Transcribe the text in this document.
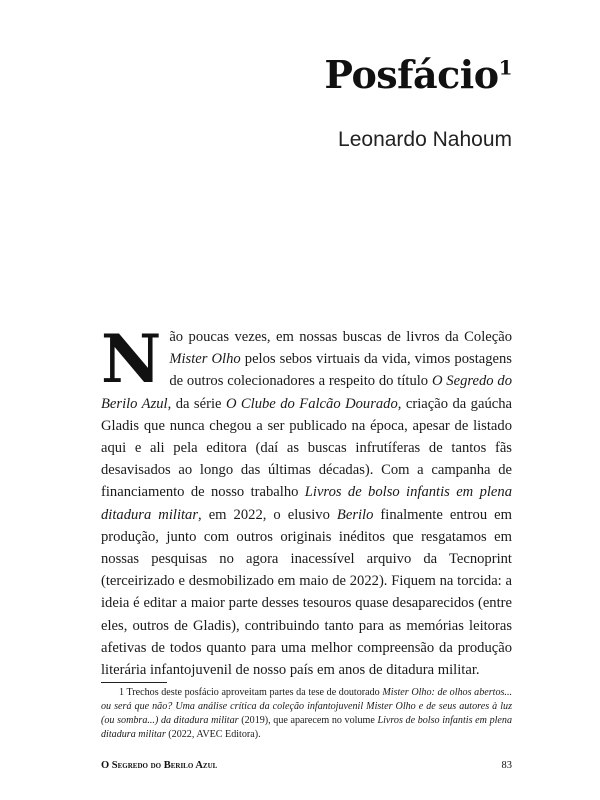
Posfácio$^1$
Leonardo Nahoum

Não poucas vezes, em nossas buscas de livros da Coleção Mister Olho pelos sebos virtuais da vida, vimos postagens de outros colecionadores a respeito do título O Segredo do Berilo Azul, da série O Clube do Falcão Dourado, criação da gaúcha Gladis que nunca chegou a ser publicado na época, apesar de listado aqui e ali pela editora (daí as buscas infrutíferas de tantos fãs desavisados ao longo das últimas décadas). Com a campanha de financiamento de nosso trabalho Livros de bolso infantis em plena ditadura militar, em 2022, o elusivo Berilo finalmente entrou em produção, junto com outros originais inéditos que resgatamos em nossas pesquisas no agora inacessível arquivo da Tecnoprint (terceirizado e desmobilizado em maio de 2022). Fiquem na torcida: a ideia é editar a maior parte desses tesouros quase desaparecidos (entre eles, outros de Gladis), contribuindo tanto para as memórias leitoras afetivas de todos quanto para uma melhor compreensão da produção literária infantojuvenil de nosso país em anos de ditadura militar.

1 Trechos deste posfácio aproveitam partes da tese de doutorado Mister Olho: de olhos abertos... ou será que não? Uma análise crítica da coleção infantojuvenil Mister Olho e de seus autores à luz (ou sombra...) da ditadura militar (2019), que aparecem no volume Livros de bolso infantis em plena ditadura militar (2022, AVEC Editora).

O Segredo do Berilo Azul	83
